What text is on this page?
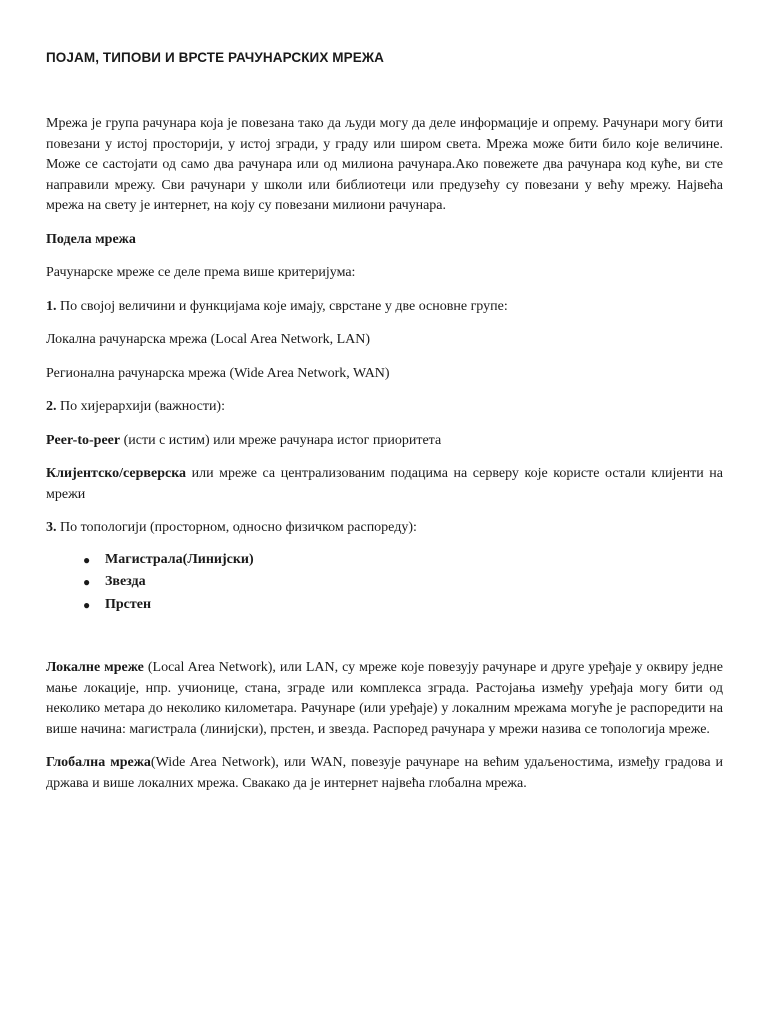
ПОЈАМ, ТИПОВИ И ВРСТЕ РАЧУНАРСКИХ МРЕЖА

Мрежа је група рачунара која је повезана тако да људи могу да деле информације и опрему. Рачунари могу бити повезани у истој просторији, у истој згради, у граду или широм света. Мрежа може бити било које величине. Може се састојати од само два рачунара или од милиона рачунара.Ако повежете два рачунара код куће, ви сте направили мрежу. Сви рачунари у школи или библиотеци или предузећу су повезани у већу мрежу. Највећа мрежа на свету је интернет, на коју су повезани милиони рачунара.

Подела мрежа

Рачунарске мреже се деле према више критеријума:

1. По својој величини и функцијама које имају, сврстане у две основне групе:

Локална рачунарска мрежа (Local Area Network, LAN)

Регионална рачунарска мрежа (Wide Area Network, WAN)

2. По хијерархији (важности):

Peer-to-peer (исти с истим) или мреже рачунара истог приоритета

Клијентско/серверска или мреже са централизованим подацима на серверу које користе остали клијенти на мрежи

3. По топологији (просторном, односно физичком распореду):

● Магистрала(Линијски)
● Звезда
● Прстен

Локалне мреже (Local Area Network), или LAN, су мреже које повезују рачунаре и друге уређаје у оквиру једне мање локације, нпр. учионице, стана, зграде или комплекса зграда. Растојања између уређаја могу бити од неколико метара до неколико километара. Рачунаре (или уређаје) у локалним мрежама могуће је распоредити на више начина: магистрала (линијски), прстен, и звезда. Распоред рачунара у мрежи назива се топологија мреже.

Глобална мрежа(Wide Area Network), или WAN, повезује рачунаре на већим удаљеностима, између градова и држава и више локалних мрежа. Свакако да је интернет највећа глобална мрежа.
